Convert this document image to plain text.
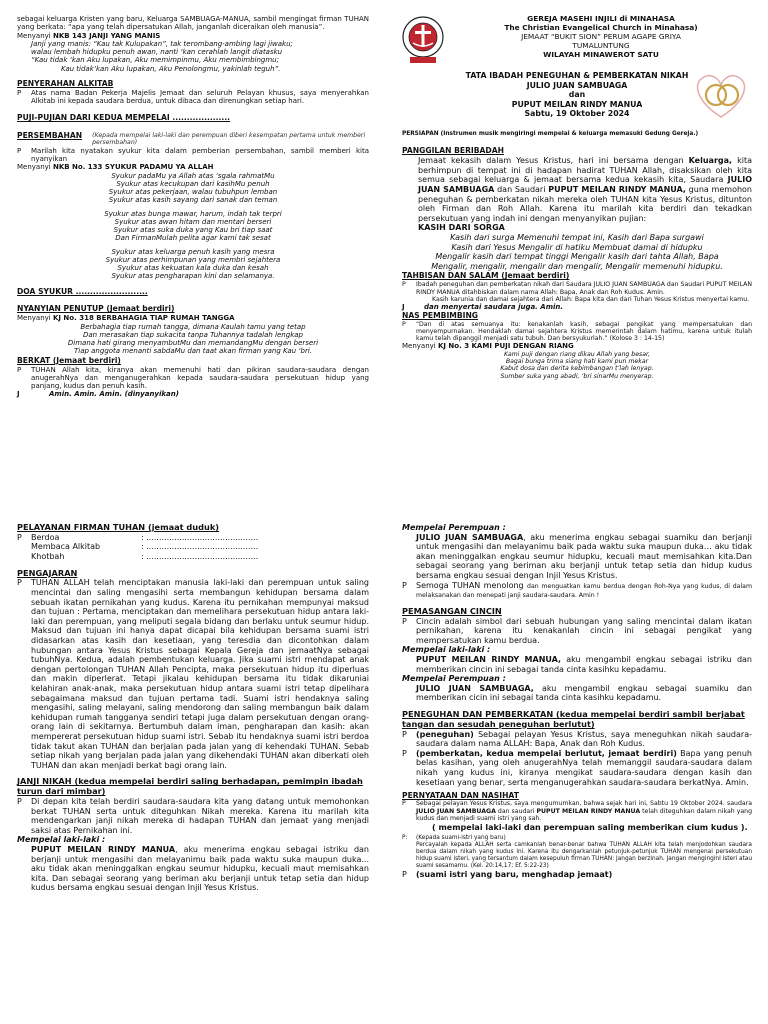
sebagai keluarga Kristen yang baru, Keluarga SAMBUAGA-MANUA, sambil mengingat firman TUHAN yang berkata: “apa yang telah dipersatukan Allah, janganlah diceraikan oleh manusia”.

Menyanyi NKB 143 JANJI YANG MANIS

Janji yang manis: “Kau tak Kulupakan”, tak terombang-ambing lagi jiwaku;

walau lembah hidupku penuh awan, nanti ‘kan cerahlah langit diatasku

“Kau tidak ‘kan Aku lupakan, Aku memimpinmu, Aku membimbingmu;

Kau tidak’kan Aku lupakan, Aku Penolongmu, yakinlah teguh”.

PENYERAHAN ALKITAB

P	Atas nama Badan Pekerja Majelis Jemaat dan seluruh Pelayan khusus, saya menyerahkan Alkitab ini kepada saudara berdua, untuk dibaca dan direnungkan setiap hari.

PUJI-PUJIAN DARI KEDUA MEMPELAI ....................

PERSEMBAHAN (Kepada mempelai laki-laki dan perempuan diberi kesempatan pertama untuk memberi persembahan)
P	Marilah kita nyatakan syukur kita dalam pemberian persembahan, sambil memberi kita nyanyikan

Menyanyi NKB No. 133 SYUKUR PADAMU YA ALLAH

Syukur padaMu ya Allah atas ‘sgala rahmatMu

Syukur atas kecukupan dari kasihMu penuh

Syukur atas pekerjaan, walau tubuhpun lemban

Syukur atas kasih sayang dari sanak dan teman

Syukur atas bunga mawar, harum, indah tak terpri

Syukur atas awan hitam dan mentari berseri

Syukur atas suka duka yang Kau bri tiap saat

Dan FirmanMulah pelita agar kami tak sesat

Syukur atas keluarga penuh kasih yang mesra

Syukur atas perhimpunan yang membri sejahtera

Syukur atas kekuatan kala duka dan kesah

Syukur atas pengharapan kini dan selamanya.

DOA SYUKUR .........................

NYANYIAN PENUTUP (Jemaat berdiri)

Menyanyi KJ No. 318 BERBAHAGIA TIAP RUMAH TANGGA

Berbahagia tiap rumah tangga, dimana Kaulah tamu yang tetap

Dan merasakan tiap sukacita tanpa Tuhannya tadalah lengkap

Dimana hati girang menyambutMu dan memandangMu dengan berseri

Tiap anggota menanti sabdaMu dan taat akan firman yang Kau ‘bri.

BERKAT (Jemaat berdiri)

P	TUHAN Allah kita, kiranya akan memenuhi hati dan pikiran saudara-saudara dengan anugerahNya dan menganugerahkan kepada saudara-saudara persekutuan hidup yang panjang, kudus dan penuh kasih.
J	Amin. Amin. Amin. (dinyanyikan)

GEREJA MASEHI INJILI di MINAHASA

The Christian Evangelical Church in Minahasa)

JEMAAT “BUKIT SION” PERUM AGAPE GRIYA

TUMALUNTUNG

WILAYAH MINAWEROT SATU

TATA IBADAH PENEGUHAN & PEMBERKATAN NIKAH

JULIO JUAN SAMBUAGA

dan

PUPUT MEILAN RINDY MANUA

Sabtu, 19 Oktober 2024

PERSIAPAN (Instrumen musik mengiringi mempelai & keluarga memasuki Gedung Gereja.)

PANGGILAN BERIBADAH

Jemaat kekasih dalam Yesus Kristus, hari ini bersama dengan Keluarga, kita berhimpun di tempat ini di hadapan hadirat TUHAN Allah, disaksikan oleh kita semua sebagai keluarga & jemaat bersama kedua kekasih kita, Saudara JULIO JUAN SAMBUAGA dan Saudari PUPUT MEILAN RINDY MANUA, guna memohon peneguhan & pemberkatan nikah mereka oleh TUHAN kita Yesus Kristus, ditunton oleh Firman dan Roh Allah. Karena itu marilah kita berdiri dan tekadkan persekutuan yang indah ini dengan menyanyikan pujian:

KASIH DARI SORGA

Kasih dari surga Memenuhi tempat ini, Kasih dari Bapa surgawi

Kasih dari Yesus Mengalir di hatiku Membuat damai di hidupku

Mengalir kasih dari tempat tinggi Mengalir kasih dari tahta Allah, Bapa

Mengalir, mengalir, mengalir dan mengalir, Mengalir memenuhi hidupku.

TAHBISAN DAN SALAM (Jemaat berdiri)

P	Ibadah peneguhan dan pemberkatan nikah dari Saudara JULIO JUAN SAMBUAGA dan Saudari PUPUT MEILAN RINDY MANUA ditahbiskan dalam nama Allah: Bapa, Anak dan Roh Kudus. Amin.

Kasih karunia dan damai sejahtera dari Allah: Bapa kita dan dari Tuhan Yesus Kristus menyertai kamu.

J	dan menyertai saudara juga. Amin.

NAS PEMBIMBING

P	“Dan di atas semuanya itu: kenakanlah kasih, sebagai pengikat yang mempersatukan dan menyempurnakan. Hendaklah damai sejahtera Kristus memerintah dalam hatimu, karena untuk itulah kamu telah dipanggil menjadi satu tubuh. Dan bersyukurlah.” (Kolose 3 : 14-15)

Menyanyi KJ No. 3 KAMI PUJI DENGAN RIANG

Kami puji dengan riang dikau Allah yang besar,

Bagai bunga trima siang hati kami pun mekar

Kabut dosa dan derita kebimbangan t’lah lenyap.

Sumber suka yang abadi, ‘bri sinarMu menyerap.

PELAYANAN FIRMAN TUHAN (jemaat duduk)

P	Berdoa	: ............................................
Membaca Alkitab	: ............................................
Khotbah	: ............................................

PENGAJARAN

P	TUHAN ALLAH telah menciptakan manusia laki-laki dan perempuan untuk saling mencintai dan saling mengasihi serta membangun kehidupan bersama dalam sebuah ikatan pernikahan yang kudus. Karena itu pernikahan mempunyai maksud dan tujuan : Pertama, menciptakan dan memelihara persekutuan hidup antara laki-laki dan perempuan, yang meliputi segala bidang dan berlaku untuk seumur hidup. Maksud dan tujuan ini hanya dapat dicapai bila kehidupan bersama suami istri didasarkan atas kasih dan kesetiaan, yang teresdia dan dicontohkan dalam hubungan antara Yesus Kristus sebagai Kepala Gereja dan jemaatNya sebagai tubuhNya. Kedua, adalah pembentukan keluarga. Jika suami istri mendapat anak dengan pertolongan TUHAN Allah Pencipta, maka persekutuan hidup itu diperluas dan makin diperlerat. Tetapi jikalau kehidupan bersama itu tidak dikaruniai kelahiran anak-anak, maka persekutuan hidup antara suami istri tetap dipelihara sebagaimana maksud dan tujuan pertama tadi. Suami istri hendaknya saling mengasihi, saling melayani, saling mendorong dan saling membangun baik dalam kehidupan rumah tangganya sendiri tetapi juga dalam persekutuan dengan orang-orang lain di sekitarnya. Bertumbuh dalam iman, pengharapan dan kasih: akan mempererat persekutuan hidup suami istri. Sebab itu hendaknya suami istri berdoa tidak takut akan TUHAN dan berjalan pada jalan yang di kehendaki TUHAN. Sebab setiap nikah yang berjalan pada jalan yang dikehendaki TUHAN akan diberkati oleh TUHAN dan akan menjadi berkat bagi orang lain.

JANJI NIKAH (kedua mempelai berdiri saling berhadapan, pemimpin ibadah turun dari mimbar)

P	Di depan kita telah berdiri saudara-saudara kita yang datang untuk memohonkan berkat TUHAN serta untuk diteguhkan Nikah mereka. Karena itu marilah kita mendengarkan janji nikah mereka di hadapan TUHAN dan jemaat yang menjadi saksi atas Pernikahan ini.

Mempelai laki-laki :

PUPUT MEILAN RINDY MANUA, aku menerima engkau sebagai istriku dan berjanji untuk mengasihi dan melayanimu baik pada waktu suka maupun duka... aku tidak akan meninggalkan engkau seumur hidupku, kecuali maut memisahkan kita. Dan sebagai seorang yang beriman aku berjanji untuk tetap setia dan hidup kudus bersama engkau sesuai dengan Injil Yesus Kristus.

Mempelai Perempuan :

JULIO JUAN SAMBUAGA, aku menerima engkau sebagai suamiku dan berjanji untuk mengasihi dan melayanimu baik pada waktu suka maupun duka… aku tidak akan meninggalkan engkau seumur hidupku, kecuali maut memisahkan kita.Dan sebagai seorang yang beriman aku berjanji untuk tetap setia dan hidup kudus bersama engkau sesuai dengan Injil Yesus Kristus.

P	Semoga TUHAN menolong dan menguatkan kamu berdua dengan Roh-Nya yang kudus, di dalam melaksanakan dan menepati janji saudara-saudara. Amin !

PEMASANGAN CINCIN

P	Cincin adalah simbol dari sebuah hubungan yang saling mencintai dalam ikatan pernikahan, karena itu kenakanlah cincin ini sebagai pengikat yang mempersatukan kamu berdua.

Mempelai laki-laki :

PUPUT MEILAN RINDY MANUA, aku mengambil engkau sebagai istriku dan memberikan cincin ini sebagai tanda cinta kasihku kepadamu.

Mempelai Perempuan :

JULIO JUAN SAMBUAGA, aku mengambil engkau sebagai suamiku dan memberikan cicin ini sebagai tanda cinta kasihku kepadamu.

PENEGUHAN DAN PEMBERKATAN (kedua mempelai berdiri sambil berjabat tangan dan sesudah peneguhan berlutut)

P	(peneguhan) Sebagai pelayan Yesus Kristus, saya meneguhkan nikah saudara-saudara dalam nama ALLAH: Bapa, Anak dan Roh Kudus.
P	(pemberkatan, kedua mempelai berlutut, jemaat berdiri) Bapa yang penuh belas kasihan, yang oleh anugerahNya telah memanggil saudara-saudara dalam nikah yang kudus ini, kiranya mengikat saudara-saudara dengan kasih dan kesetiaan yang benar, serta menganugerahkan saudara-saudara berkatNya. Amin.

PERNYATAAN DAN NASIHAT

P	Sebagai pelayan Yesus Kristus, saya mengumumkan, bahwa sejak hari ini, Sabtu 19 Oktober 2024. saudara JULIO JUAN SAMBUAGA dan saudari PUPUT MEILAN RINDY MANUA telah diteguhkan dalam nikah yang kudus dan menjadi suami istri yang sah.

( mempelai laki-laki dan perempuan saling memberikan cium kudus ).

P:	(Kepada suami-istri yang baru)
Percayalah kepada ALLAH serta camkanlah benar-benar bahwa TUHAN ALLAH kita telah menjodohkan saudara berdua dalam nikah yang kudus ini. Karena itu dengarkanlah petunjuk-petunjuk TUHAN mengenai persekutuan hidup suami isteri, yang tersantum dalam kesepuluh firman TUHAN: Jangan berzinah. Jangan menginginI isteri atau suami sesamamu. (Kel. 20:14,17; Ef. 5:22-23)
P	(suami istri yang baru, menghadap jemaat)
